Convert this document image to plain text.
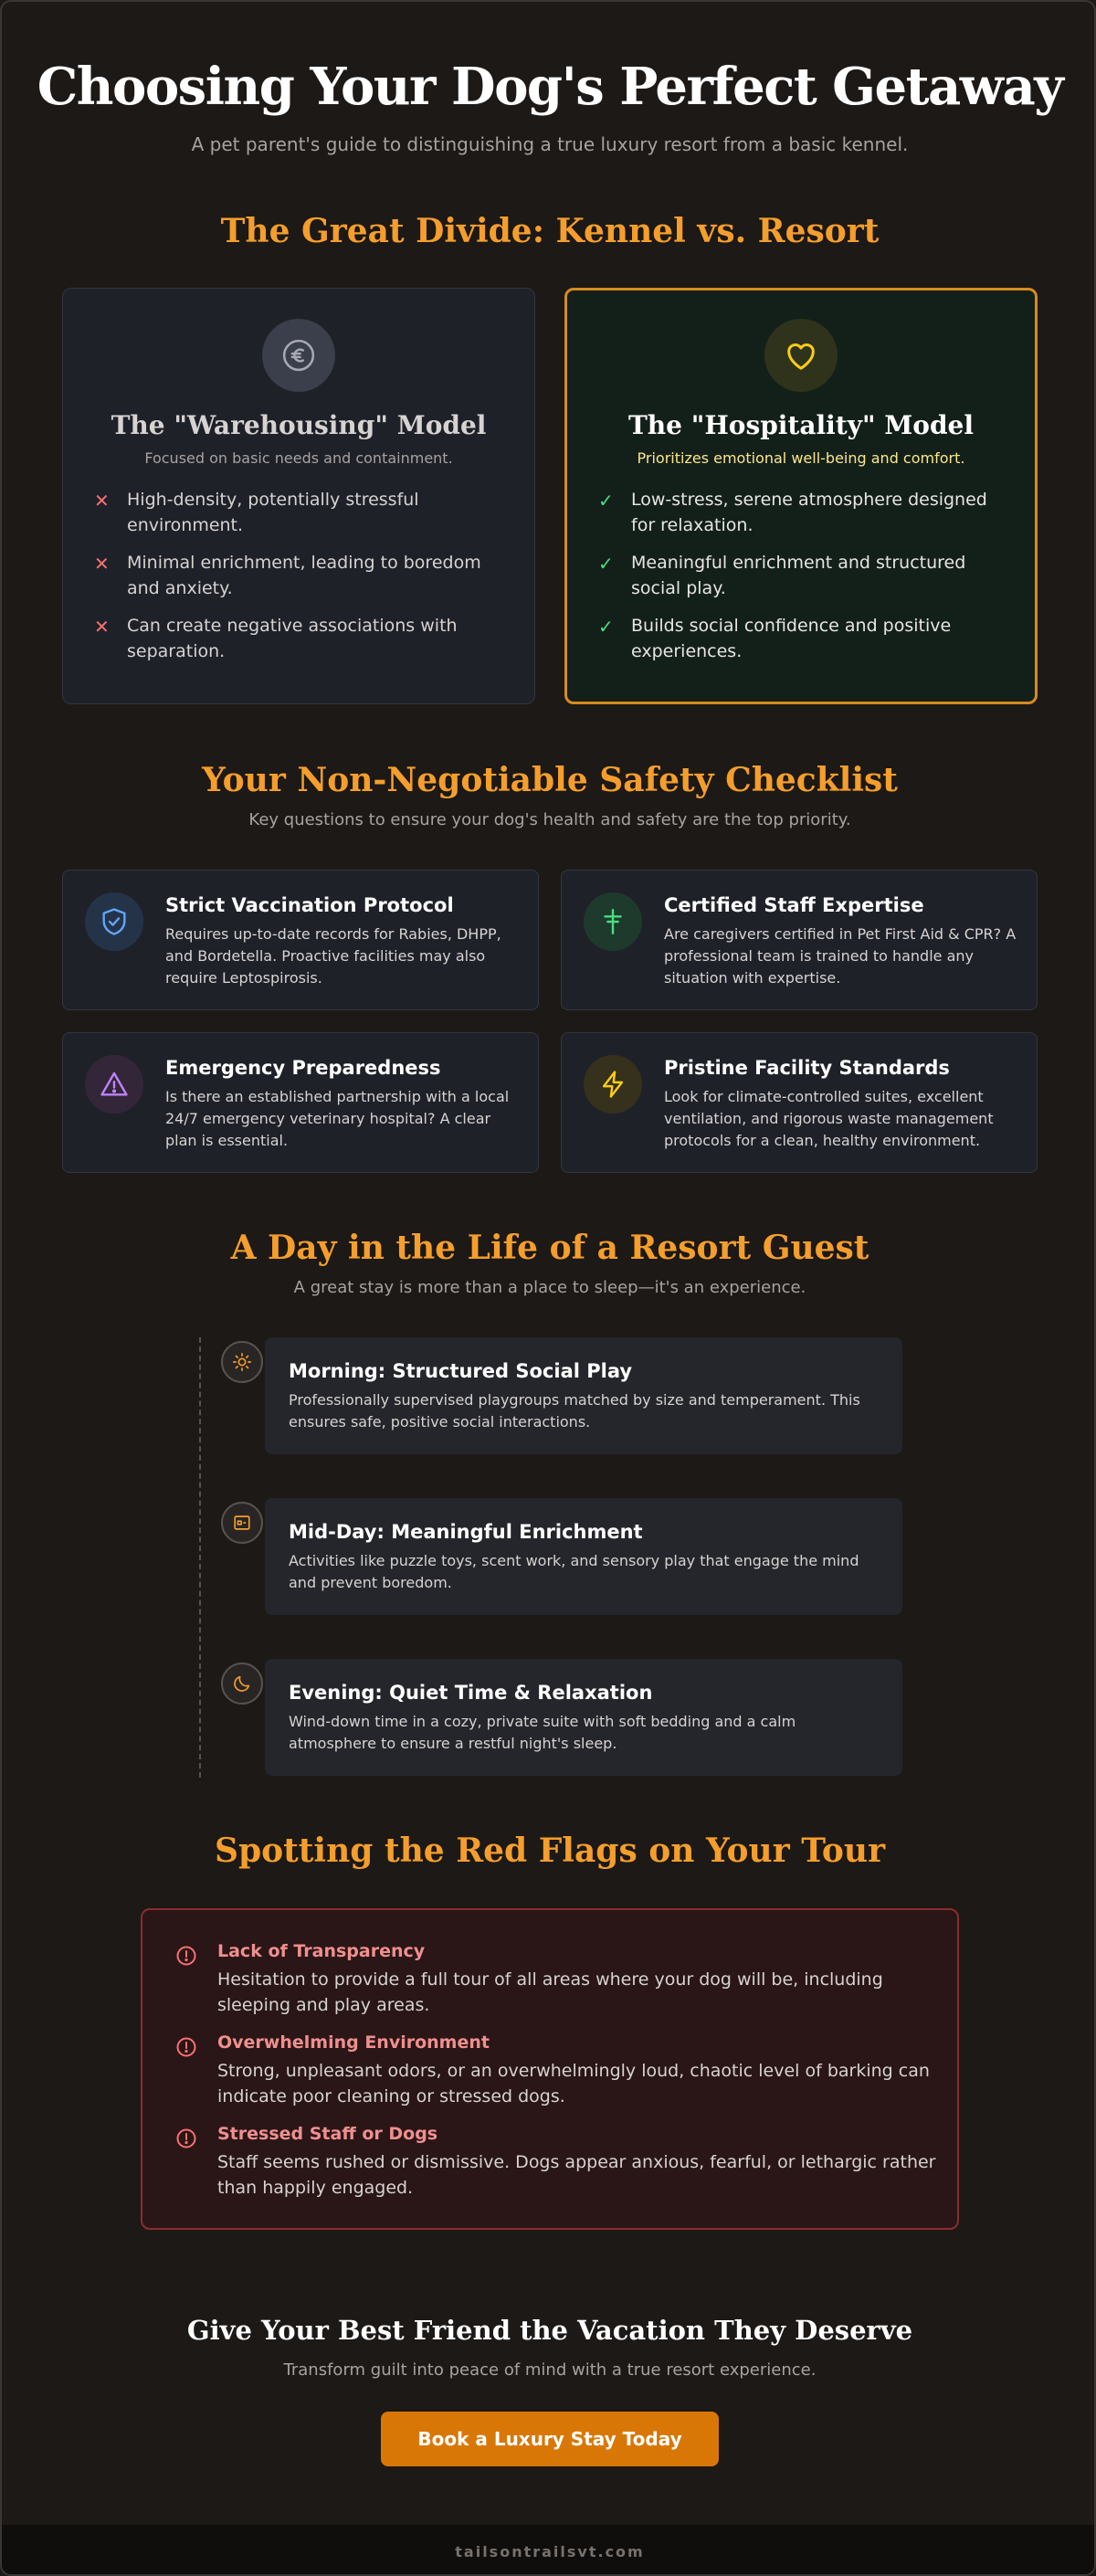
Choosing Your Dog's Perfect Getaway

A pet parent's guide to distinguishing a true luxury resort from a basic kennel.

The Great Divide: Kennel vs. Resort
The "Warehousing" Model
Focused on basic needs and containment.
✕	High-density, potentially stressful environment.
✕	Minimal enrichment, leading to boredom and anxiety.
✕	Can create negative associations with separation.
The "Hospitality" Model
Prioritizes emotional well-being and comfort.
✓	Low-stress, serene atmosphere designed for relaxation.
✓	Meaningful enrichment and structured social play.
✓	Builds social confidence and positive experiences.
Your Non-Negotiable Safety Checklist

Key questions to ensure your dog's health and safety are the top priority.

Strict Vaccination Protocol
Requires up-to-date records for Rabies, DHPP, and Bordetella. Proactive facilities may also require Leptospirosis.
Certified Staff Expertise
Are caregivers certified in Pet First Aid & CPR? A professional team is trained to handle any situation with expertise.
Emergency Preparedness
Is there an established partnership with a local 24/7 emergency veterinary hospital? A clear plan is essential.
Pristine Facility Standards
Look for climate-controlled suites, excellent ventilation, and rigorous waste management protocols for a clean, healthy environment.
A Day in the Life of a Resort Guest

A great stay is more than a place to sleep—it's an experience.

Morning: Structured Social Play
Professionally supervised playgroups matched by size and temperament. This ensures safe, positive social interactions.
Mid-Day: Meaningful Enrichment
Activities like puzzle toys, scent work, and sensory play that engage the mind and prevent boredom.
Evening: Quiet Time & Relaxation
Wind-down time in a cozy, private suite with soft bedding and a calm atmosphere to ensure a restful night's sleep.
Spotting the Red Flags on Your Tour
Lack of Transparency
Hesitation to provide a full tour of all areas where your dog will be, including sleeping and play areas.
Overwhelming Environment
Strong, unpleasant odors, or an overwhelmingly loud, chaotic level of barking can indicate poor cleaning or stressed dogs.
Stressed Staff or Dogs
Staff seems rushed or dismissive. Dogs appear anxious, fearful, or lethargic rather than happily engaged.
Give Your Best Friend the Vacation They Deserve

Transform guilt into peace of mind with a true resort experience.

Book a Luxury Stay Today
tailsontrailsvt.com
